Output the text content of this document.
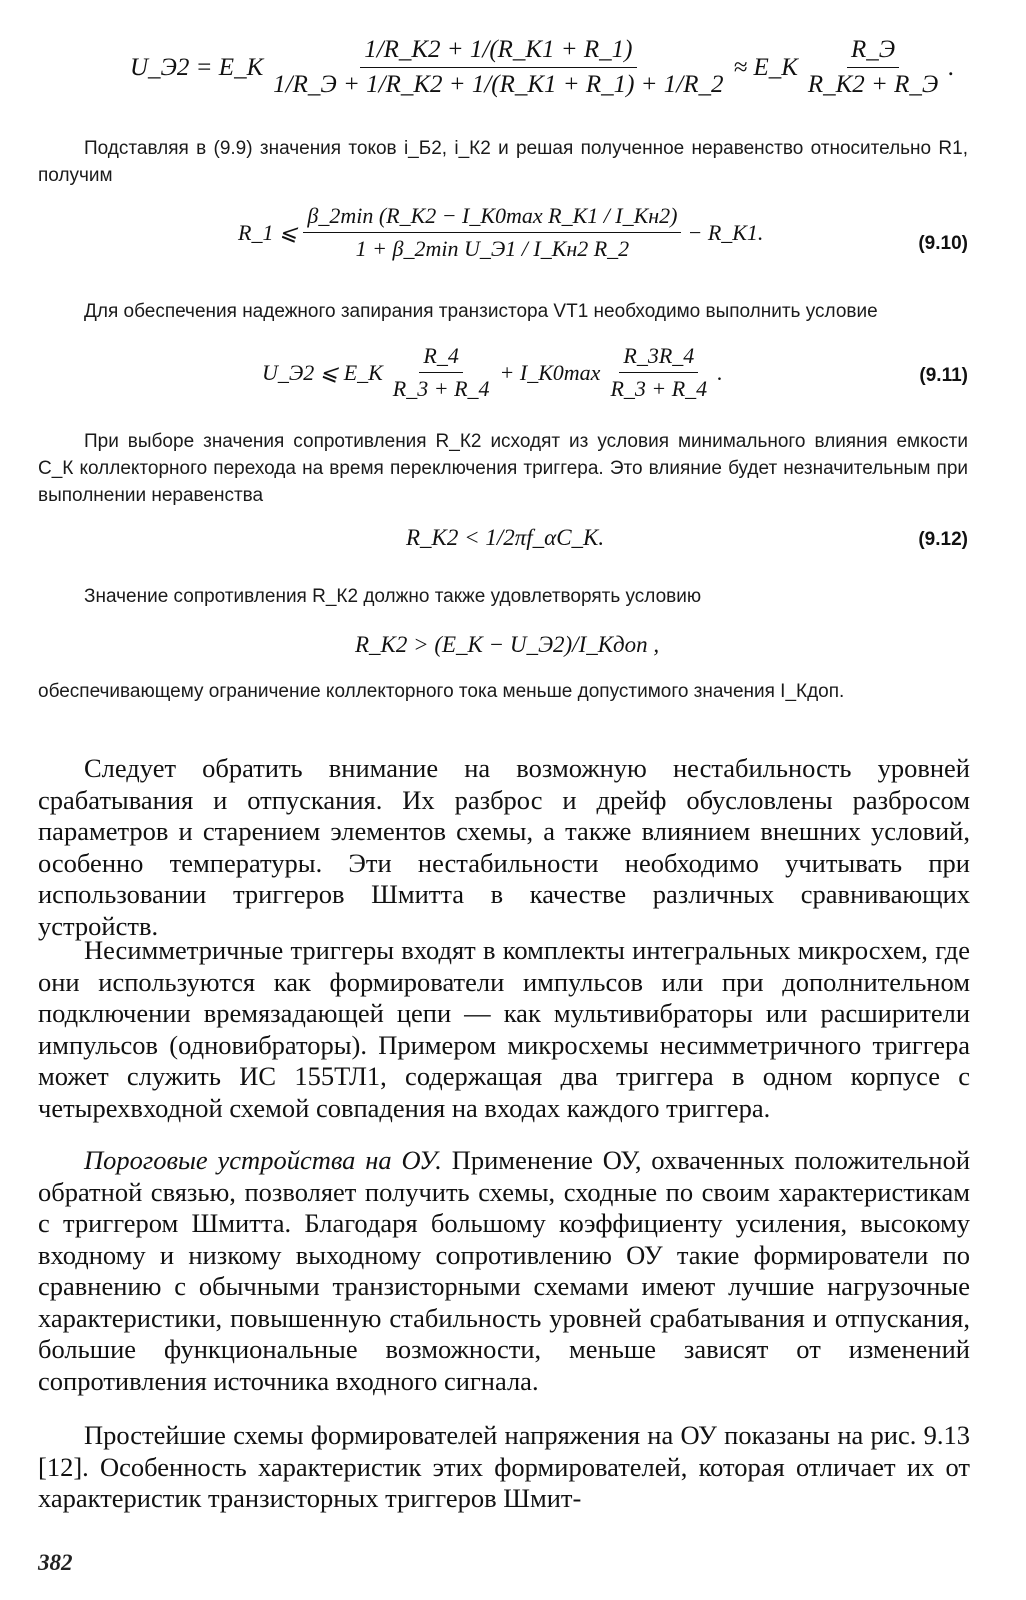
U_Э2 = E_К $\frac{1/R\_К2 + 1/(R\_К1 + R\_1)}{1/R\_Э + 1/R\_К2 + 1/(R\_К1 + R\_1) + 1/R\_2}$ ≈ E_К $\frac{R\_Э}{R\_К2 + R\_Э}$ .

Подставляя в (9.9) значения токов i_Б2, i_К2 и решая полученное неравенство относительно R1, получим

R_1 ⩽ $\frac{\text{β\_2min (R\_К2 − I\_К0max R\_К1 / I\_Кн2)}}{\text{1 + β\_2min U\_Э1 / I\_Кн2 R\_2}}$ − R_К1.	(9.10)

Для обеспечения надежного запирания транзистора VT1 необходимо выполнить условие

U_Э2 ⩽ E_К $\frac{R\_4}{R\_3 + R\_4}$ + I_К0max $\frac{R\_3R\_4}{R\_3 + R\_4}$ .	(9.11)

При выборе значения сопротивления R_К2 исходят из условия минимального влияния емкости C_К коллекторного перехода на время переключения триггера. Это влияние будет незначительным при выполнении неравенства

R_К2 < 1/2πf_αC_К.	(9.12)

Значение сопротивления R_К2 должно также удовлетворять условию

R_К2 > (E_К − U_Э2)/I_Кдоп ,

обеспечивающему ограничение коллекторного тока меньше допустимого значения I_Кдоп.

Следует обратить внимание на возможную нестабильность уровней срабатывания и отпускания. Их разброс и дрейф обусловлены разбросом параметров и старением элементов схемы, а также влиянием внешних условий, особенно температуры. Эти нестабильности необходимо учитывать при использовании триггеров Шмитта в качестве различных сравнивающих устройств.

Несимметричные триггеры входят в комплекты интегральных микросхем, где они используются как формирователи импульсов или при дополнительном подключении времязадающей цепи — как мультивибраторы или расширители импульсов (одновибраторы). Примером микросхемы несимметричного триггера может служить ИС 155ТЛ1, содержащая два триггера в одном корпусе с четырехвходной схемой совпадения на входах каждого триггера.

Пороговые устройства на ОУ. Применение ОУ, охваченных положительной обратной связью, позволяет получить схемы, сходные по своим характеристикам с триггером Шмитта. Благодаря большому коэффициенту усиления, высокому входному и низкому выходному сопротивлению ОУ такие формирователи по сравнению с обычными транзисторными схемами имеют лучшие нагрузочные характеристики, повышенную стабильность уровней срабатывания и отпускания, большие функциональные возможности, меньше зависят от изменений сопротивления источника входного сигнала.

Простейшие схемы формирователей напряжения на ОУ показаны на рис. 9.13 [12]. Особенность характеристик этих формирователей, которая отличает их от характеристик транзисторных триггеров Шмит-

382
